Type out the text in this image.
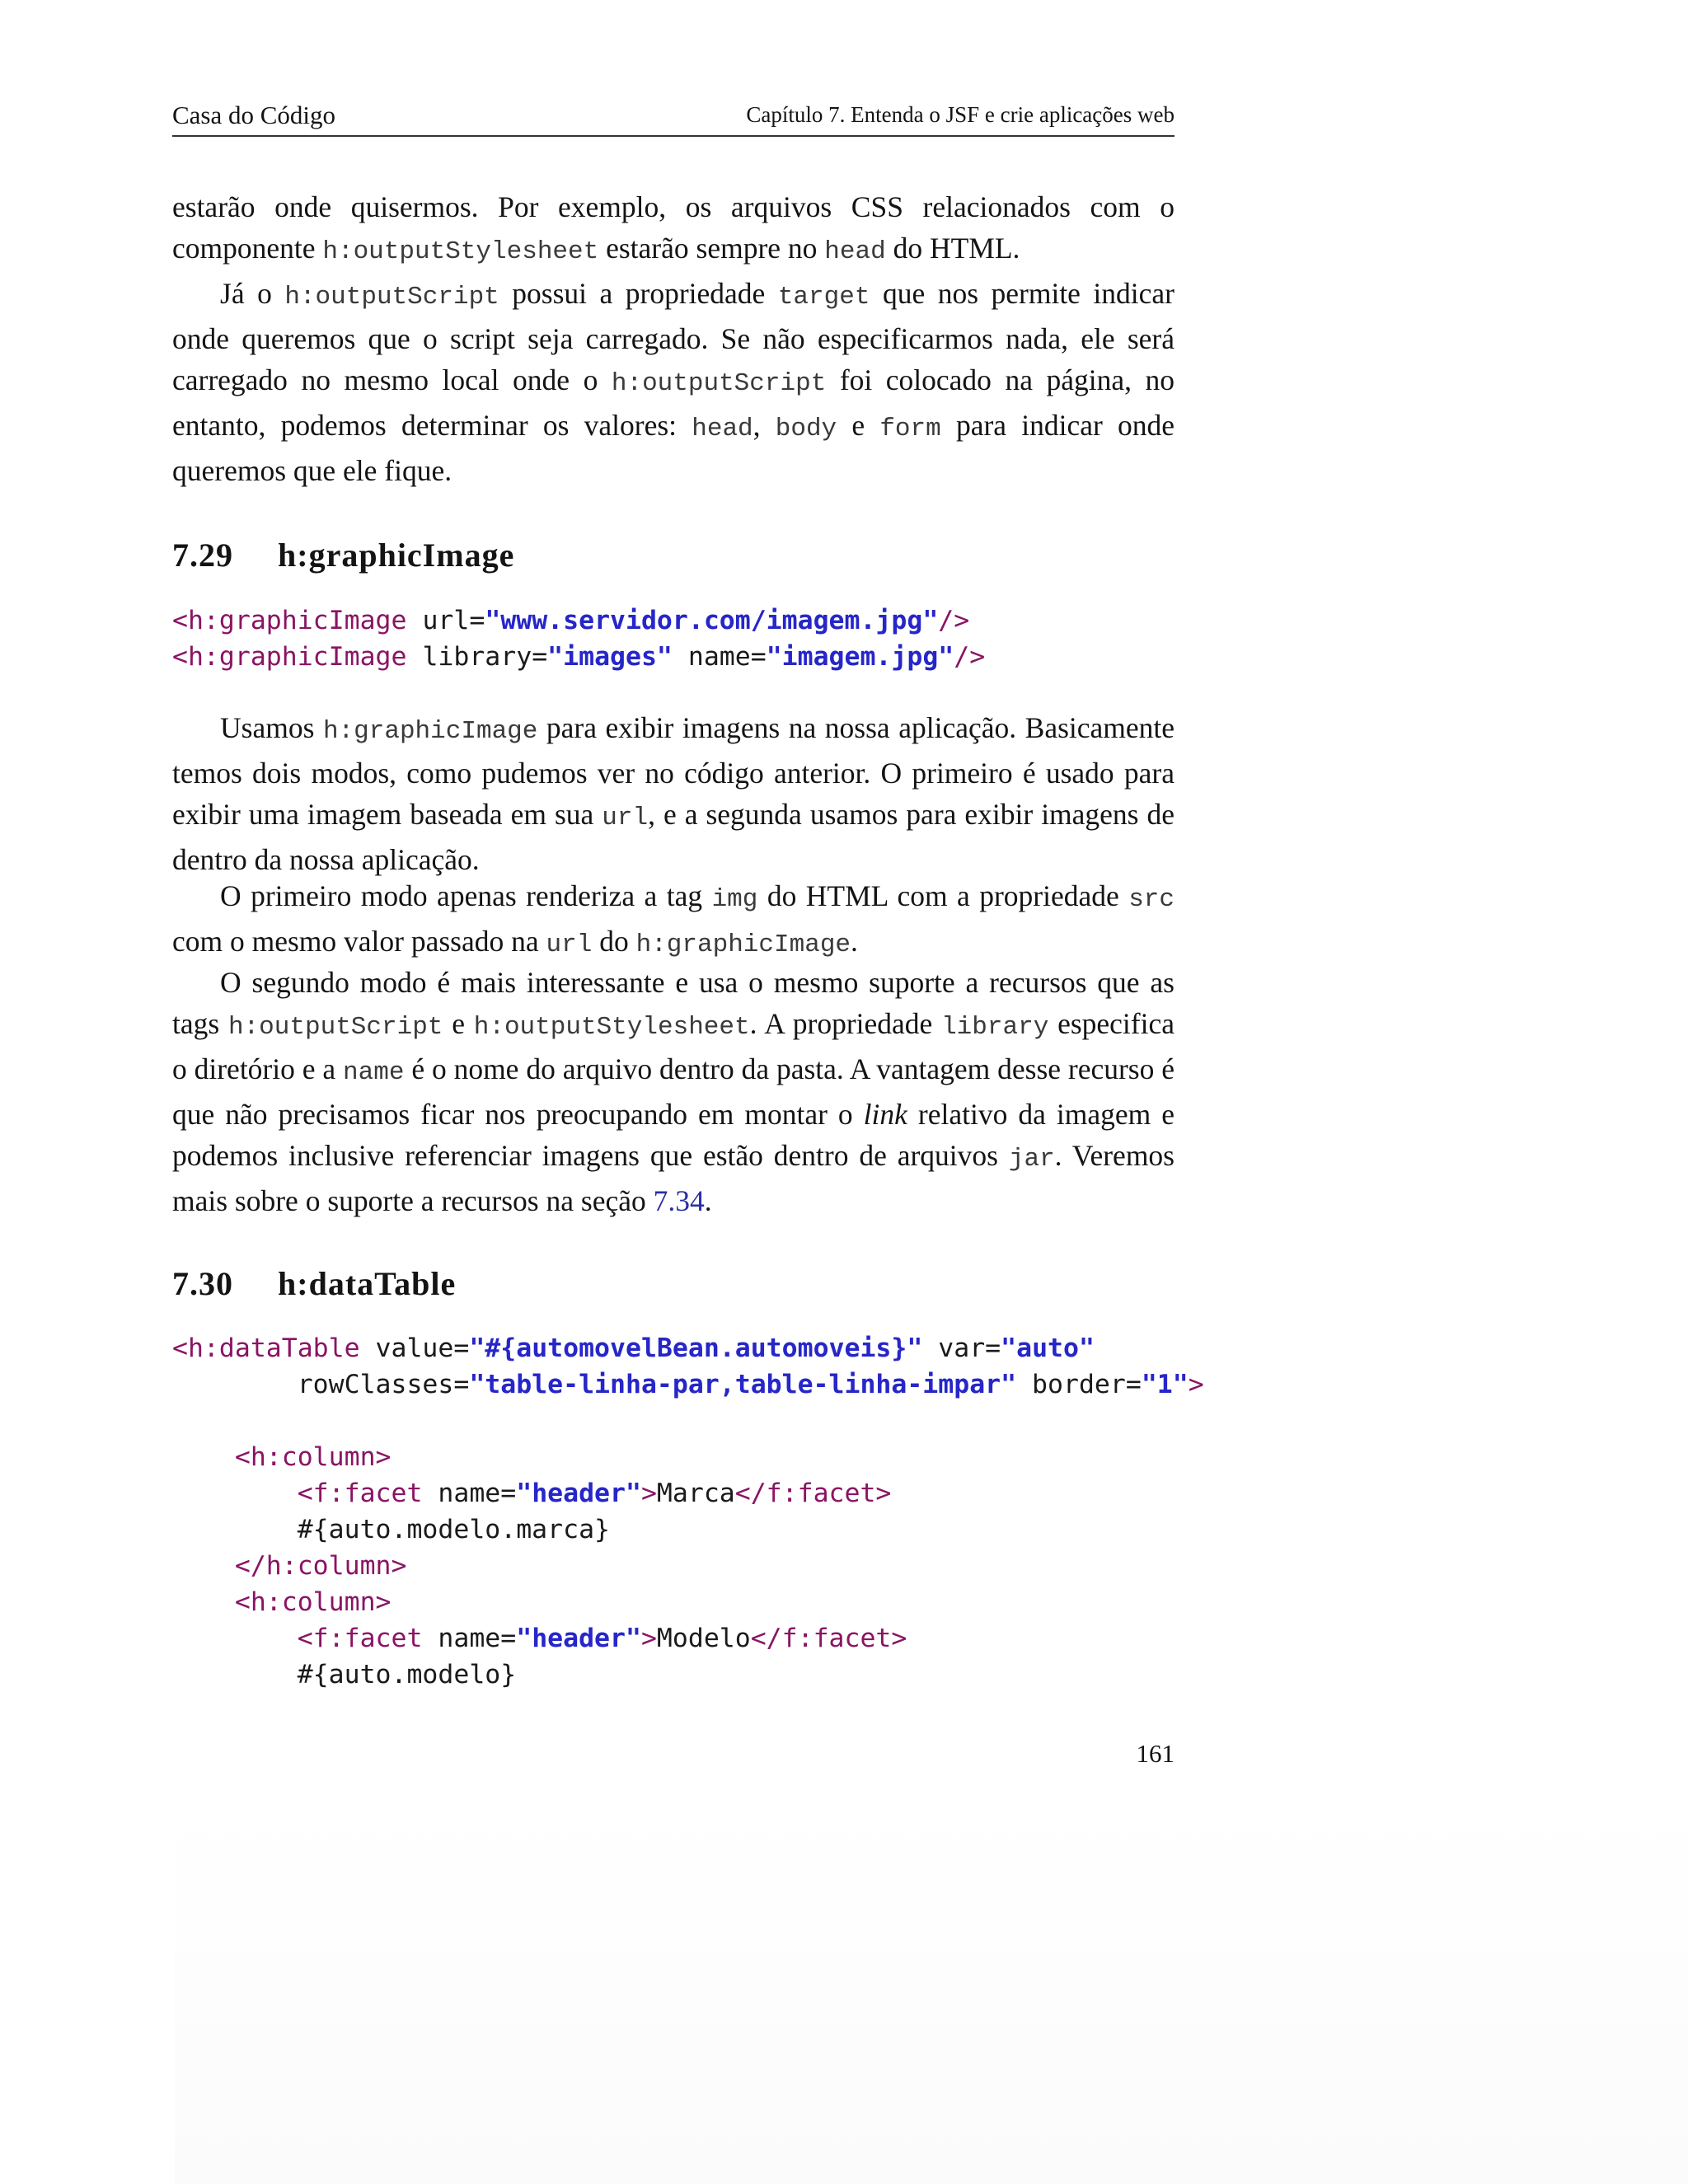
Casa do Código	Capítulo 7. Entenda o JSF e crie aplicações web

estarão onde quisermos. Por exemplo, os arquivos CSS relacionados com o componente h:outputStylesheet estarão sempre no head do HTML.

Já o h:outputScript possui a propriedade target que nos permite indicar onde queremos que o script seja carregado. Se não especificarmos nada, ele será carregado no mesmo local onde o h:outputScript foi colocado na página, no entanto, podemos determinar os valores: head, body e form para indicar onde queremos que ele fique.

7.29 h:graphicImage
<h:graphicImage url="www.servidor.com/imagem.jpg"/>
<h:graphicImage library="images" name="imagem.jpg"/>

Usamos h:graphicImage para exibir imagens na nossa aplicação. Basicamente temos dois modos, como pudemos ver no código anterior. O primeiro é usado para exibir uma imagem baseada em sua url, e a segunda usamos para exibir imagens de dentro da nossa aplicação.

O primeiro modo apenas renderiza a tag img do HTML com a propriedade src com o mesmo valor passado na url do h:graphicImage.

O segundo modo é mais interessante e usa o mesmo suporte a recursos que as tags h:outputScript e h:outputStylesheet. A propriedade library especifica o diretório e a name é o nome do arquivo dentro da pasta. A vantagem desse recurso é que não precisamos ficar nos preocupando em montar o link relativo da imagem e podemos inclusive referenciar imagens que estão dentro de arquivos jar. Veremos mais sobre o suporte a recursos na seção 7.34.

7.30 h:dataTable
<h:dataTable value="#{automovelBean.automoveis}" var="auto"
rowClasses="table-linha-par,table-linha-impar" border="1">

<h:column>
<f:facet name="header">Marca</f:facet>
#{auto.modelo.marca}
</h:column>
<h:column>
<f:facet name="header">Modelo</f:facet>
#{auto.modelo}
161
